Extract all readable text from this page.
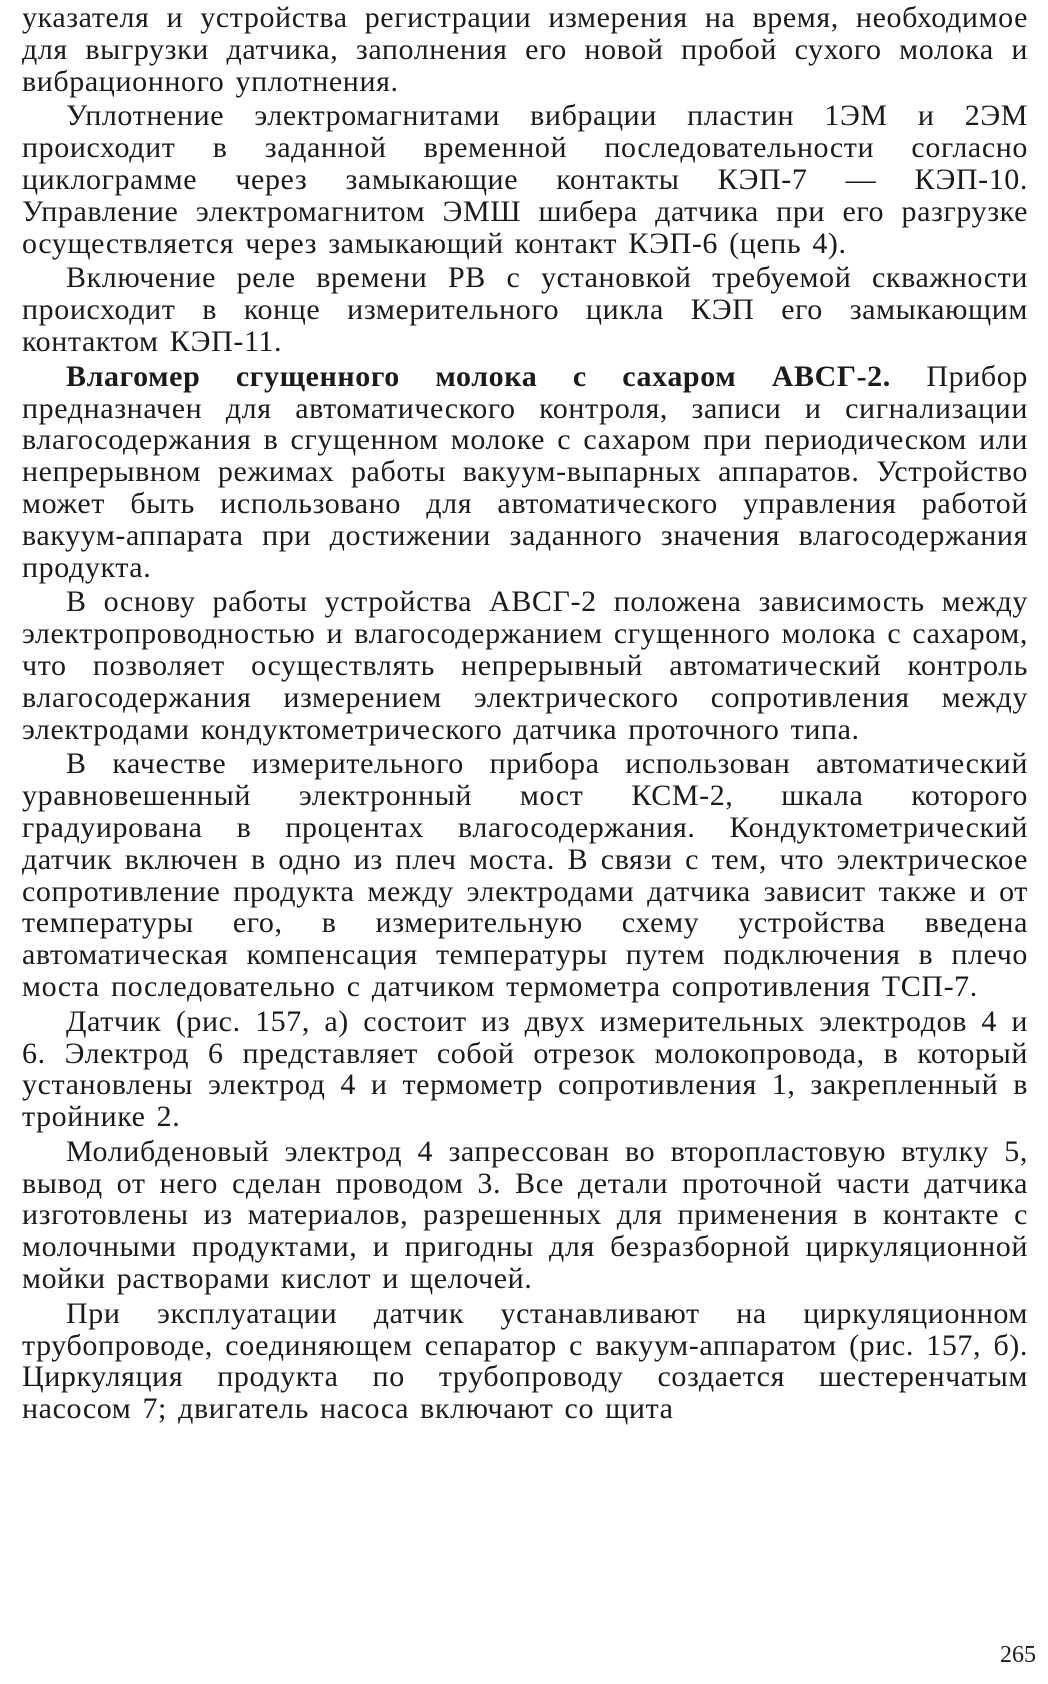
указателя и устройства регистрации измерения на время, необходимое для выгрузки датчика, заполнения его новой пробой сухого молока и вибрационного уплотнения.

Уплотнение электромагнитами вибрации пластин 1ЭМ и 2ЭМ происходит в заданной временной последовательности согласно циклограмме через замыкающие контакты КЭП-7 — КЭП-10. Управление электромагнитом ЭМШ шибера датчика при его разгрузке осуществляется через замыкающий контакт КЭП-6 (цепь 4).

Включение реле времени РВ с установкой требуемой скважности происходит в конце измерительного цикла КЭП его замыкающим контактом КЭП-11.

Влагомер сгущенного молока с сахаром АВСГ-2. Прибор предназначен для автоматического контроля, записи и сигнализации влагосодержания в сгущенном молоке с сахаром при периодическом или непрерывном режимах работы вакуум-выпарных аппаратов. Устройство может быть использовано для автоматического управления работой вакуум-аппарата при достижении заданного значения влагосодержания продукта.

В основу работы устройства АВСГ-2 положена зависимость между электропроводностью и влагосодержанием сгущенного молока с сахаром, что позволяет осуществлять непрерывный автоматический контроль влагосодержания измерением электрического сопротивления между электродами кондуктометрического датчика проточного типа.

В качестве измерительного прибора использован автоматический уравновешенный электронный мост КСМ-2, шкала которого градуирована в процентах влагосодержания. Кондуктометрический датчик включен в одно из плеч моста. В связи с тем, что электрическое сопротивление продукта между электродами датчика зависит также и от температуры его, в измерительную схему устройства введена автоматическая компенсация температуры путем подключения в плечо моста последовательно с датчиком термометра сопротивления ТСП-7.

Датчик (рис. 157, а) состоит из двух измерительных электродов 4 и 6. Электрод 6 представляет собой отрезок молокопровода, в который установлены электрод 4 и термометр сопротивления 1, закрепленный в тройнике 2.

Молибденовый электрод 4 запрессован во второпластовую втулку 5, вывод от него сделан проводом 3. Все детали проточной части датчика изготовлены из материалов, разрешенных для применения в контакте с молочными продуктами, и пригодны для безразборной циркуляционной мойки растворами кислот и щелочей.

При эксплуатации датчик устанавливают на циркуляционном трубопроводе, соединяющем сепаратор с вакуум-аппаратом (рис. 157, б). Циркуляция продукта по трубопроводу создается шестеренчатым насосом 7; двигатель насоса включают со щита

265
